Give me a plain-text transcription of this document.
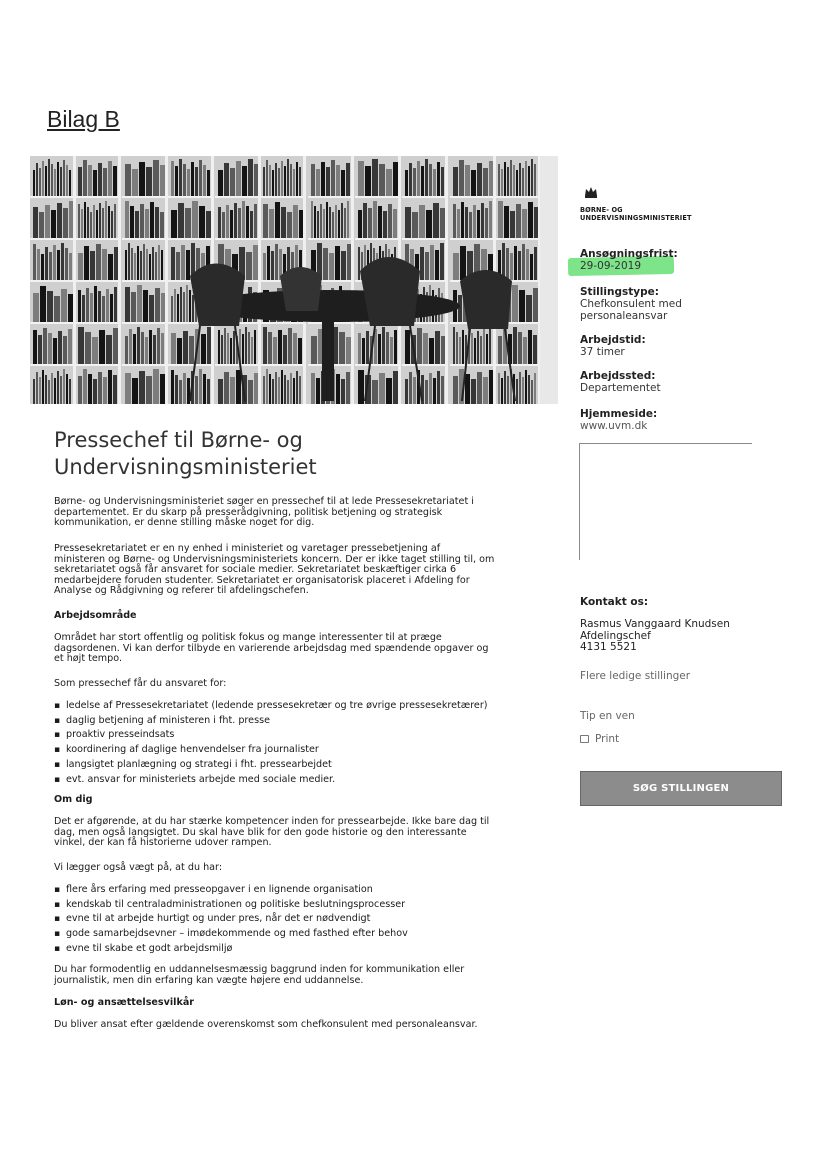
Bilag B
BØRNE- OG
UNDERVISNINGSMINISTERIET
Ansøgningsfrist:
29-09-2019
Stillingstype:
Chefkonsulent med
personaleansvar
Arbejdstid:
37 timer
Arbejdssted:
Departementet
Hjemmeside:
www.uvm.dk
Kontakt os:
Rasmus Vanggaard Knudsen
Afdelingschef
4131 5521
Flere ledige stillinger
Tip en ven
Print
SØG STILLINGEN
Pressechef til Børne- og
Undervisningsministeriet
Børne- og Undervisningsministeriet søger en pressechef til at lede Pressesekretariatet i
departementet. Er du skarp på presserådgivning, politisk betjening og strategisk
kommunikation, er denne stilling måske noget for dig.
Pressesekretariatet er en ny enhed i ministeriet og varetager pressebetjening af
ministeren og Børne- og Undervisningsministeriets koncern. Der er ikke taget stilling til, om
sekretariatet også får ansvaret for sociale medier. Sekretariatet beskæftiger cirka 6
medarbejdere foruden studenter. Sekretariatet er organisatorisk placeret i Afdeling for
Analyse og Rådgivning og referer til afdelingschefen.
Arbejdsområde
Området har stort offentlig og politisk fokus og mange interessenter til at præge
dagsordenen. Vi kan derfor tilbyde en varierende arbejdsdag med spændende opgaver og
et højt tempo.
Som pressechef får du ansvaret for:
▪ ledelse af Pressesekretariatet (ledende pressesekretær og tre øvrige pressesekretærer)
▪ daglig betjening af ministeren i fht. presse
▪ proaktiv presseindsats
▪ koordinering af daglige henvendelser fra journalister
▪ langsigtet planlægning og strategi i fht. pressearbejdet
▪ evt. ansvar for ministeriets arbejde med sociale medier.
Om dig
Det er afgørende, at du har stærke kompetencer inden for pressearbejde. Ikke bare dag til
dag, men også langsigtet. Du skal have blik for den gode historie og den interessante
vinkel, der kan få historierne udover rampen.
Vi lægger også vægt på, at du har:
▪ flere års erfaring med presseopgaver i en lignende organisation
▪ kendskab til centraladministrationen og politiske beslutningsprocesser
▪ evne til at arbejde hurtigt og under pres, når det er nødvendigt
▪ gode samarbejdsevner – imødekommende og med fasthed efter behov
▪ evne til skabe et godt arbejdsmiljø
Du har formodentlig en uddannelsesmæssig baggrund inden for kommunikation eller
journalistik, men din erfaring kan vægte højere end uddannelse.
Løn- og ansættelsesvilkår
Du bliver ansat efter gældende overenskomst som chefkonsulent med personaleansvar.
